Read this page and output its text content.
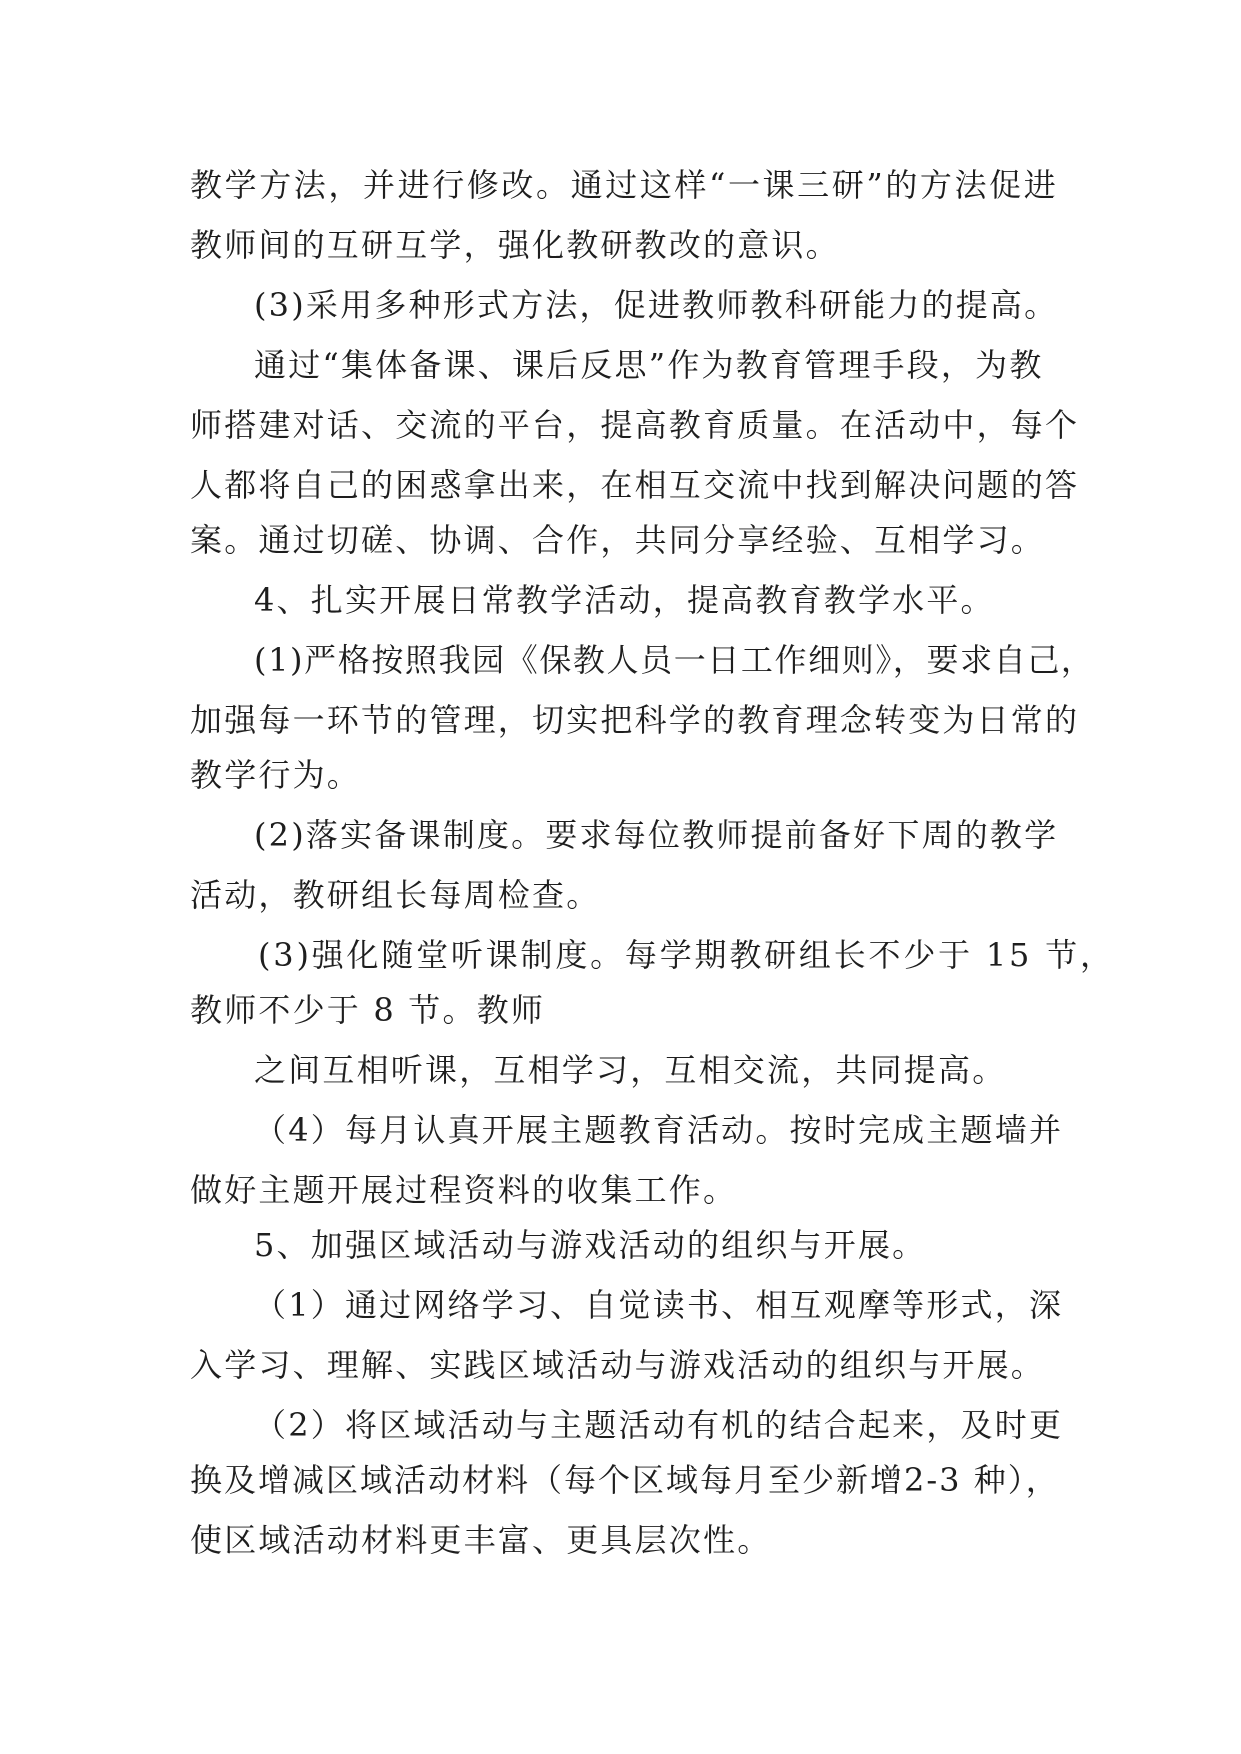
教学方法，并进行修改。通过这样“一课三研”的方法促进
教师间的互研互学，强化教研教改的意识。
(3)采用多种形式方法，促进教师教科研能力的提高。
通过“集体备课、课后反思”作为教育管理手段，为教
师搭建对话、交流的平台，提高教育质量。在活动中，每个
人都将自己的困惑拿出来，在相互交流中找到解决问题的答
案。通过切磋、协调、合作，共同分享经验、互相学习。
4、扎实开展日常教学活动，提高教育教学水平。
(1)严格按照我园《保教人员一日工作细则》，要求自己，
加强每一环节的管理，切实把科学的教育理念转变为日常的
教学行为。
(2)落实备课制度。要求每位教师提前备好下周的教学
活动，教研组长每周检查。
(3)强化随堂听课制度。每学期教研组长不少于 15 节，
教师不少于 8 节。教师
之间互相听课，互相学习，互相交流，共同提高。
（4）每月认真开展主题教育活动。按时完成主题墙并
做好主题开展过程资料的收集工作。
5、加强区域活动与游戏活动的组织与开展。
（1）通过网络学习、自觉读书、相互观摩等形式，深
入学习、理解、实践区域活动与游戏活动的组织与开展。
（2）将区域活动与主题活动有机的结合起来，及时更
换及增减区域活动材料（每个区域每月至少新增2-3 种），
使区域活动材料更丰富、更具层次性。
